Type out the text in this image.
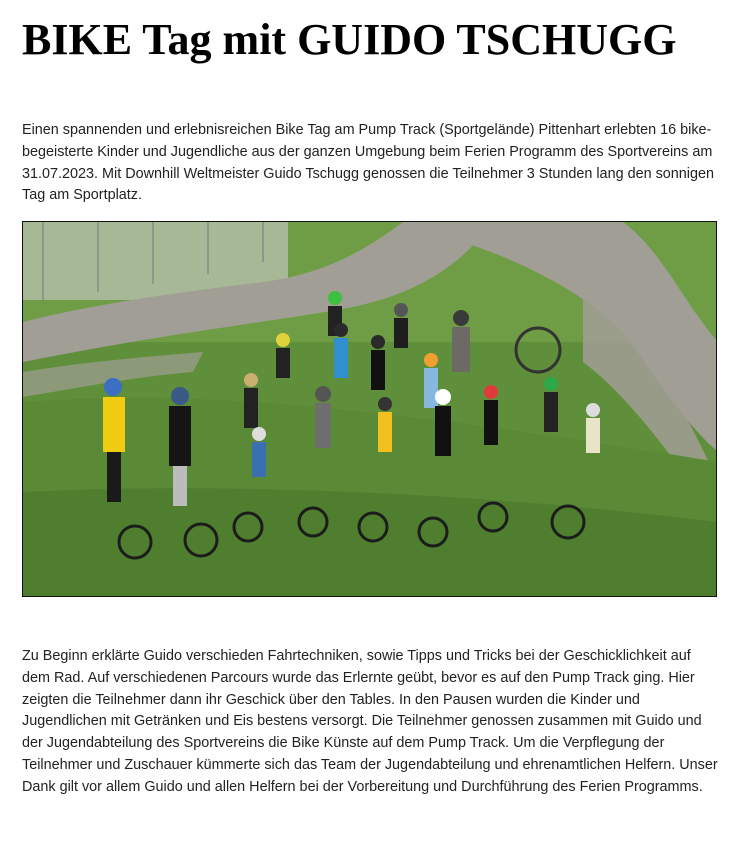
BIKE Tag mit GUIDO TSCHUGG

Einen spannenden und erlebnisreichen Bike Tag am Pump Track (Sportgelände) Pittenhart erlebten 16 bike-begeisterte Kinder und Jugendliche aus der ganzen Umgebung beim Ferien Programm des Sportvereins am 31.07.2023. Mit Downhill Weltmeister Guido Tschugg genossen die Teilnehmer 3 Stunden lang den sonnigen Tag am Sportplatz.

Zu Beginn erklärte Guido verschieden Fahrtechniken, sowie Tipps und Tricks bei der Geschicklichkeit auf dem Rad. Auf verschiedenen Parcours wurde das Erlernte geübt, bevor es auf den Pump Track ging. Hier zeigten die Teilnehmer dann ihr Geschick über den Tables. In den Pausen wurden die Kinder und Jugendlichen mit Getränken und Eis bestens versorgt. Die Teilnehmer genossen zusammen mit Guido und der Jugendabteilung des Sportvereins die Bike Künste auf dem Pump Track. Um die Verpflegung der Teilnehmer und Zuschauer kümmerte sich das Team der Jugendabteilung und ehrenamtlichen Helfern. Unser Dank gilt vor allem Guido und allen Helfern bei der Vorbereitung und Durchführung des Ferien Programms.
